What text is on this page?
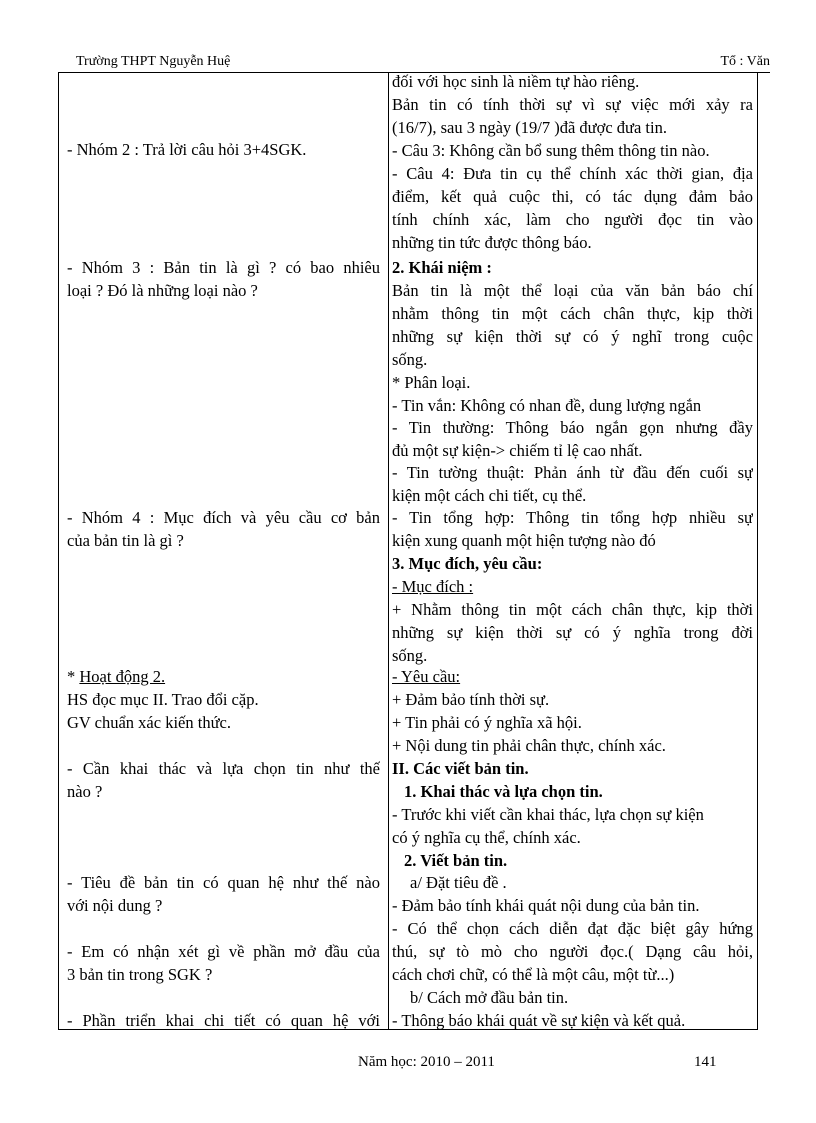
Trường THPT Nguyễn Huệ	Tổ : Văn
- Nhóm 2 : Trả lời câu hỏi 3+4SGK.
- Nhóm 3 : Bản tin là gì ? có bao nhiêu
loại ? Đó là những loại nào ?
- Nhóm 4 : Mục đích và yêu cầu cơ bản
của bản tin là gì ?
* Hoạt động 2.
HS đọc mục II. Trao đổi cặp.
GV chuẩn xác kiến thức.
- Cần khai thác và lựa chọn tin như thế
nào ?
- Tiêu đề bản tin có quan hệ như thế nào
với nội dung ?
- Em có nhận xét gì về phần mở đầu của
3 bản tin trong SGK ?
- Phần triển khai chi tiết có quan hệ với
đối với học sinh là niềm tự hào riêng.
Bản tin có tính thời sự vì sự việc mới xảy ra
(16/7), sau 3 ngày (19/7 )đã được đưa tin.
- Câu 3: Không cần bổ sung thêm thông tin nào.
- Câu 4: Đưa tin cụ thể chính xác thời gian, địa
điểm, kết quả cuộc thi, có tác dụng đảm bảo
tính chính xác, làm cho người đọc tin vào
những tin tức được thông báo.
2. Khái niệm :
Bản tin là một thể loại của văn bản báo chí
nhằm thông tin một cách chân thực, kịp thời
những sự kiện thời sự có ý nghĩ trong cuộc
sống.
* Phân loại.
- Tin vắn: Không có nhan đề, dung lượng ngắn
- Tin thường: Thông báo ngắn gọn nhưng đầy
đủ một sự kiện-> chiếm tỉ lệ cao nhất.
- Tin tường thuật: Phản ánh từ đầu đến cuối sự
kiện một cách chi tiết, cụ thể.
- Tin tổng hợp: Thông tin tổng hợp nhiều sự
kiện xung quanh một hiện tượng nào đó
3. Mục đích, yêu cầu:
- Mục đích :
+ Nhằm thông tin một cách chân thực, kịp thời
những sự kiện thời sự có ý nghĩa trong đời
sống.
- Yêu cầu:
+ Đảm bảo tính thời sự.
+ Tin phải có ý nghĩa xã hội.
+ Nội dung tin phải chân thực, chính xác.
II. Các viết bản tin.
1. Khai thác và lựa chọn tin.
- Trước khi viết cần khai thác, lựa chọn sự kiện
có ý nghĩa cụ thể, chính xác.
2. Viết bản tin.
a/ Đặt tiêu đề .
- Đảm bảo tính khái quát nội dung của bản tin.
- Có thể chọn cách diễn đạt đặc biệt gây hứng
thú, sự tò mò cho người đọc.( Dạng câu hỏi,
cách chơi chữ, có thể là một câu, một từ...)
b/ Cách mở đầu bản tin.
- Thông báo khái quát về sự kiện và kết quả.
Năm học: 2010 – 2011	141
